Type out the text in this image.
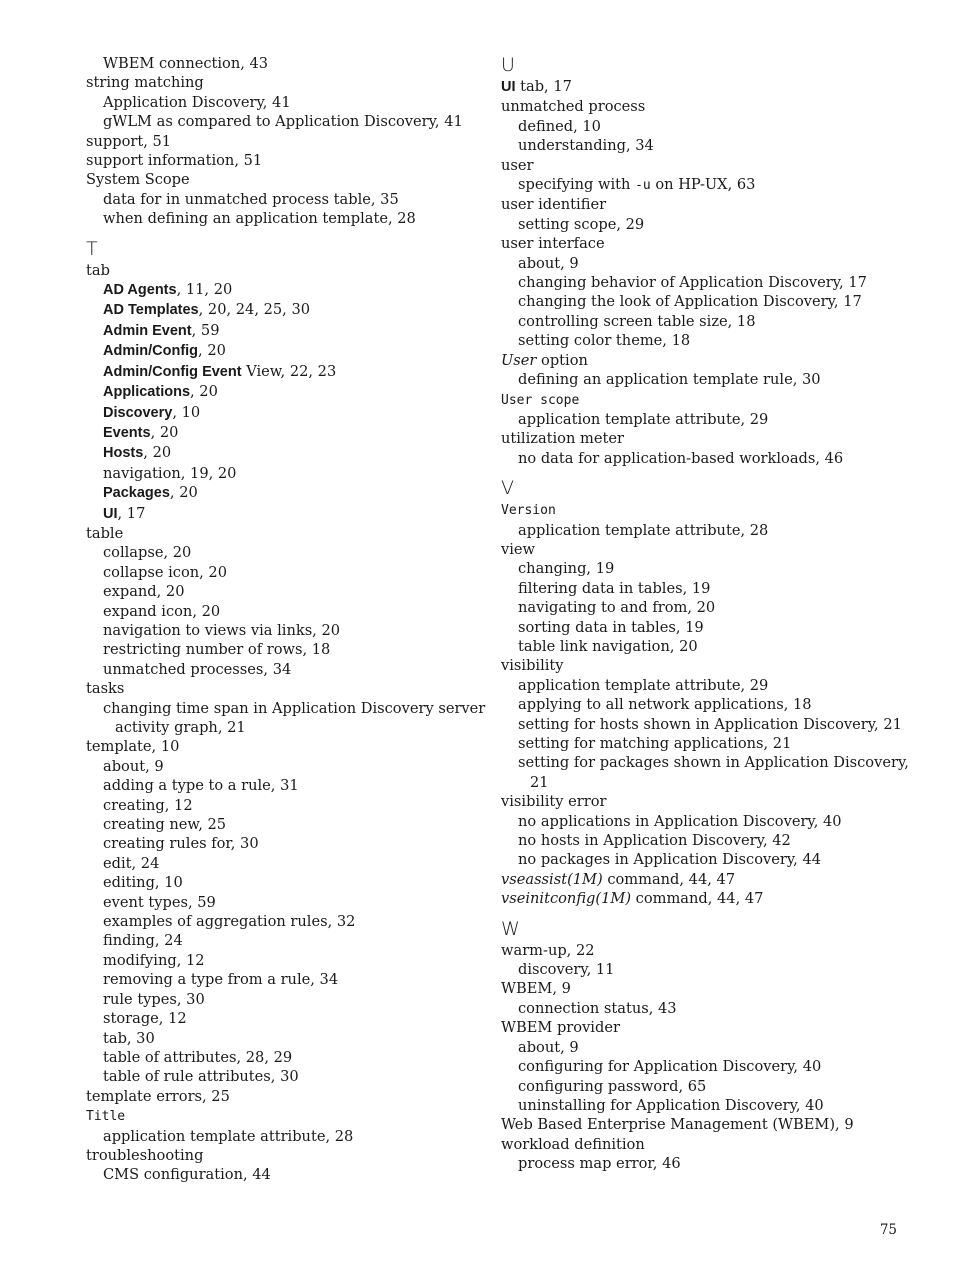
WBEM connection, 43
string matching
Application Discovery, 41
gWLM as compared to Application Discovery, 41
support, 51
support information, 51
System Scope
data for in unmatched process table, 35
when defining an application template, 28
T
tab
AD Agents, 11, 20
AD Templates, 20, 24, 25, 30
Admin Event, 59
Admin/Config, 20
Admin/Config Event View, 22, 23
Applications, 20
Discovery, 10
Events, 20
Hosts, 20
navigation, 19, 20
Packages, 20
UI, 17
table
collapse, 20
collapse icon, 20
expand, 20
expand icon, 20
navigation to views via links, 20
restricting number of rows, 18
unmatched processes, 34
tasks
changing time span in Application Discovery server
activity graph, 21
template, 10
about, 9
adding a type to a rule, 31
creating, 12
creating new, 25
creating rules for, 30
edit, 24
editing, 10
event types, 59
examples of aggregation rules, 32
finding, 24
modifying, 12
removing a type from a rule, 34
rule types, 30
storage, 12
tab, 30
table of attributes, 28, 29
table of rule attributes, 30
template errors, 25
Title
application template attribute, 28
troubleshooting
CMS configuration, 44
U
UI tab, 17
unmatched process
defined, 10
understanding, 34
user
specifying with -u on HP-UX, 63
user identifier
setting scope, 29
user interface
about, 9
changing behavior of Application Discovery, 17
changing the look of Application Discovery, 17
controlling screen table size, 18
setting color theme, 18
User option
defining an application template rule, 30
User scope
application template attribute, 29
utilization meter
no data for application-based workloads, 46
V
Version
application template attribute, 28
view
changing, 19
filtering data in tables, 19
navigating to and from, 20
sorting data in tables, 19
table link navigation, 20
visibility
application template attribute, 29
applying to all network applications, 18
setting for hosts shown in Application Discovery, 21
setting for matching applications, 21
setting for packages shown in Application Discovery,
21
visibility error
no applications in Application Discovery, 40
no hosts in Application Discovery, 42
no packages in Application Discovery, 44
vseassist(1M) command, 44, 47
vseinitconfig(1M) command, 44, 47
W
warm-up, 22
discovery, 11
WBEM, 9
connection status, 43
WBEM provider
about, 9
configuring for Application Discovery, 40
configuring password, 65
uninstalling for Application Discovery, 40
Web Based Enterprise Management (WBEM), 9
workload definition
process map error, 46
75
